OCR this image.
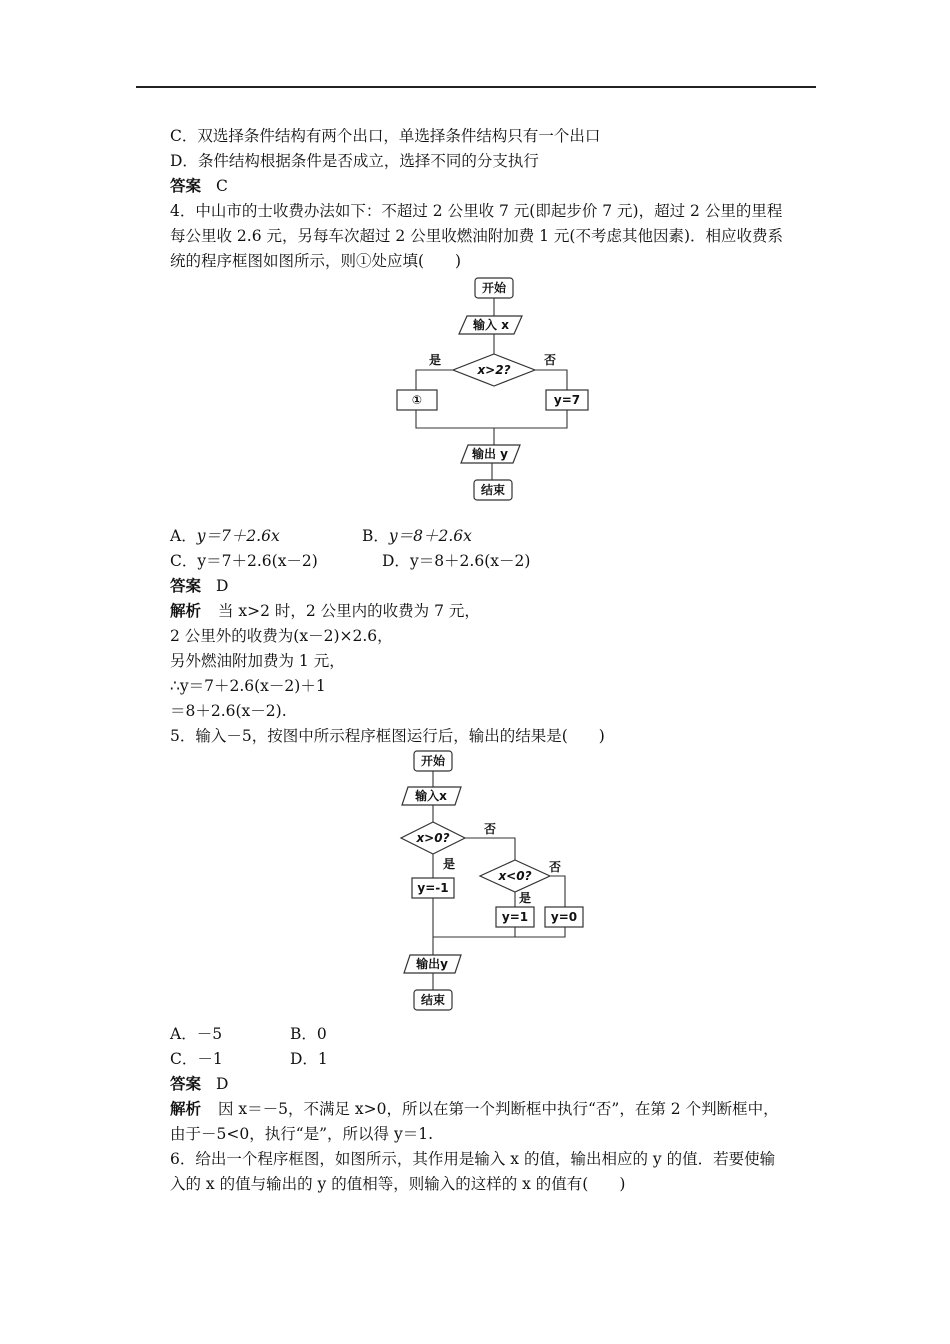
C．双选择条件结构有两个出口，单选择条件结构只有一个出口
D．条件结构根据条件是否成立，选择不同的分支执行
答案 C
4．中山市的士收费办法如下：不超过 2 公里收 7 元(即起步价 7 元)，超过 2 公里的里程
每公里收 2.6 元，另每车次超过 2 公里收燃油附加费 1 元(不考虑其他因素)．相应收费系
统的程序框图如图所示，则①处应填(　　)
开始
输入 x
x>2?
是	否
①	y=7
输出 y
结束
A．y＝7＋2.6x	B．y＝8＋2.6x
C．y＝7＋2.6(x－2)	D．y＝8＋2.6(x－2)
答案 D
解析 当 x>2 时，2 公里内的收费为 7 元，
2 公里外的收费为(x－2)×2.6，
另外燃油附加费为 1 元，
∴y＝7＋2.6(x－2)＋1
＝8＋2.6(x－2).
5．输入－5，按图中所示程序框图运行后，输出的结果是(　　)
开始
输入x
x>0?
否
是
y=-1
x<0?
否
是
y=1 y=0
输出y
结束
A．－5	B．0
C．－1	D．1
答案 D
解析 因 x＝－5，不满足 x>0，所以在第一个判断框中执行“否”，在第 2 个判断框中，
由于－5<0，执行“是”，所以得 y＝1.
6．给出一个程序框图，如图所示，其作用是输入 x 的值，输出相应的 y 的值．若要使输
入的 x 的值与输出的 y 的值相等，则输入的这样的 x 的值有(　　)
